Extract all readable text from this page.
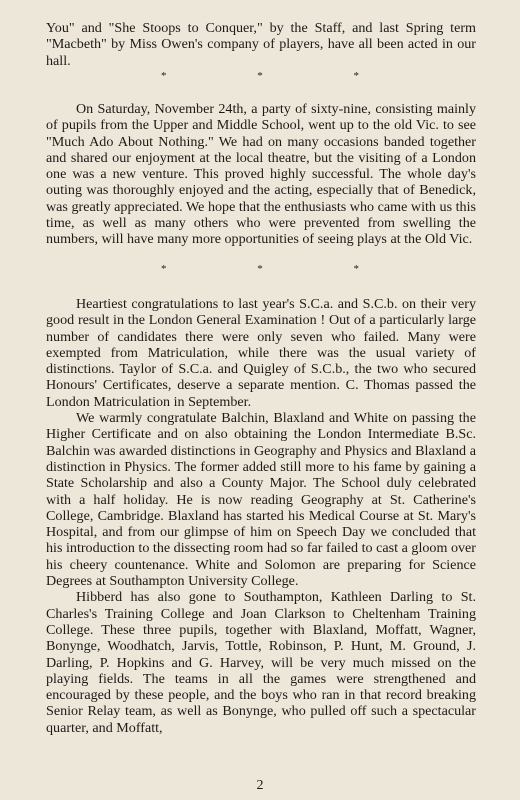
You" and "She Stoops to Conquer," by the Staff, and last Spring term "Macbeth" by Miss Owen's company of players, have all been acted in our hall.

* * *

On Saturday, November 24th, a party of sixty-nine, consisting mainly of pupils from the Upper and Middle School, went up to the old Vic. to see "Much Ado About Nothing." We had on many occasions banded together and shared our enjoyment at the local theatre, but the visiting of a London one was a new venture. This proved highly successful. The whole day's outing was thoroughly enjoyed and the acting, especially that of Benedick, was greatly appreciated. We hope that the enthusiasts who came with us this time, as well as many others who were prevented from swelling the numbers, will have many more opportunities of seeing plays at the Old Vic.

* * *

Heartiest congratulations to last year's S.C.a. and S.C.b. on their very good result in the London General Examination ! Out of a particularly large number of candidates there were only seven who failed. Many were exempted from Matriculation, while there was the usual variety of distinctions. Taylor of S.C.a. and Quigley of S.C.b., the two who secured Honours' Certificates, deserve a separate mention. C. Thomas passed the London Matriculation in September.

We warmly congratulate Balchin, Blaxland and White on passing the Higher Certificate and on also obtaining the London Intermediate B.Sc. Balchin was awarded distinctions in Geography and Physics and Blaxland a distinction in Physics. The former added still more to his fame by gaining a State Scholarship and also a County Major. The School duly celebrated with a half holiday. He is now reading Geography at St. Catherine's College, Cambridge. Blaxland has started his Medical Course at St. Mary's Hospital, and from our glimpse of him on Speech Day we concluded that his introduction to the dissecting room had so far failed to cast a gloom over his cheery countenance. White and Solomon are preparing for Science Degrees at Southampton University College.

Hibberd has also gone to Southampton, Kathleen Darling to St. Charles's Training College and Joan Clarkson to Cheltenham Training College. These three pupils, together with Blaxland, Moffatt, Wagner, Bonynge, Woodhatch, Jarvis, Tottle, Robinson, P. Hunt, M. Ground, J. Darling, P. Hopkins and G. Harvey, will be very much missed on the playing fields. The teams in all the games were strengthened and encouraged by these people, and the boys who ran in that record breaking Senior Relay team, as well as Bonynge, who pulled off such a spectacular quarter, and Moffatt,

2
